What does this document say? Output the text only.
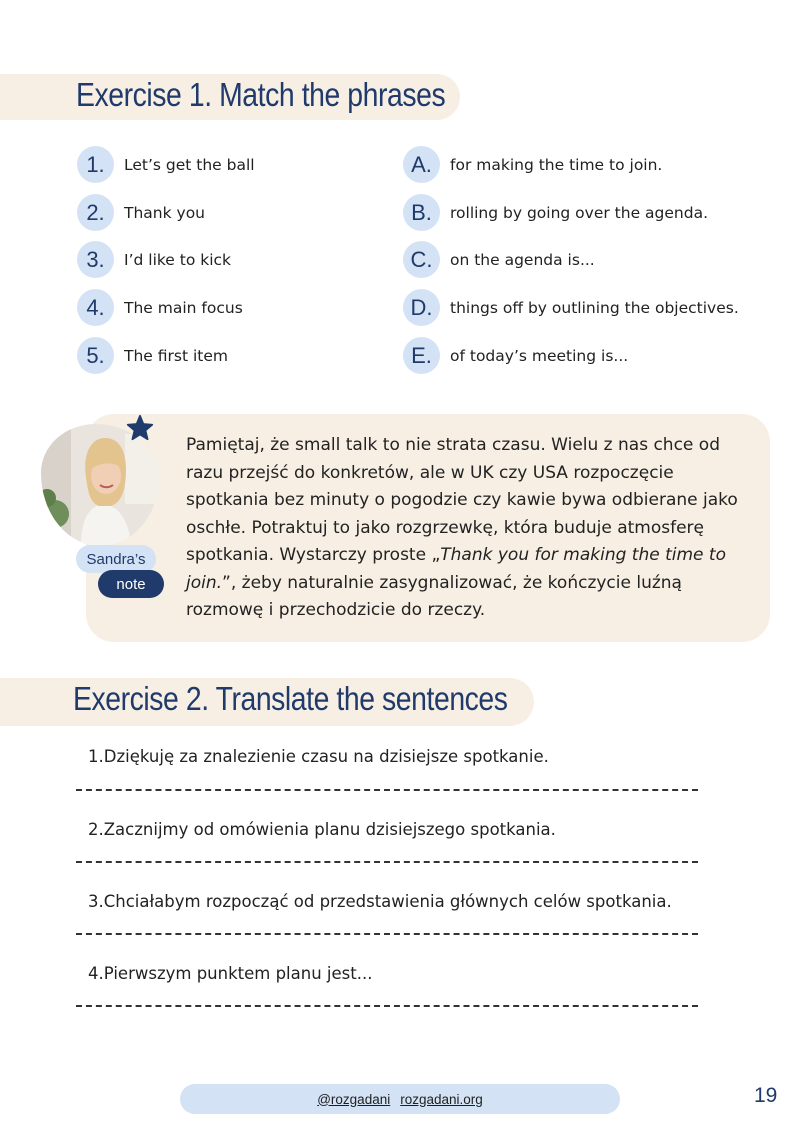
Exercise 1. Match the phrases
1.	Let’s get the ball
2.	Thank you
3.	I’d like to kick
4.	The main focus
5.	The first item
A.	for making the time to join.
B.	rolling by going over the agenda.
C.	on the agenda is...
D.	things off by outlining the objectives.
E.	of today’s meeting is...
Sandra’s
note
Pamiętaj, że small talk to nie strata czasu. Wielu z nas chce od razu przejść do konkretów, ale w UK czy USA rozpoczęcie spotkania bez minuty o pogodzie czy kawie bywa odbierane jako oschłe. Potraktuj to jako rozgrzewkę, która buduje atmosferę spotkania. Wystarczy proste „Thank you for making the time to join.”, żeby naturalnie zasygnalizować, że kończycie luźną rozmowę i przechodzicie do rzeczy.
Exercise 2. Translate the sentences
1.Dziękuję za znalezienie czasu na dzisiejsze spotkanie.
2.Zacznijmy od omówienia planu dzisiejszego spotkania.
3.Chciałabym rozpocząć od przedstawienia głównych celów spotkania.
4.Pierwszym punktem planu jest...
@rozgadani rozgadani.org	19
